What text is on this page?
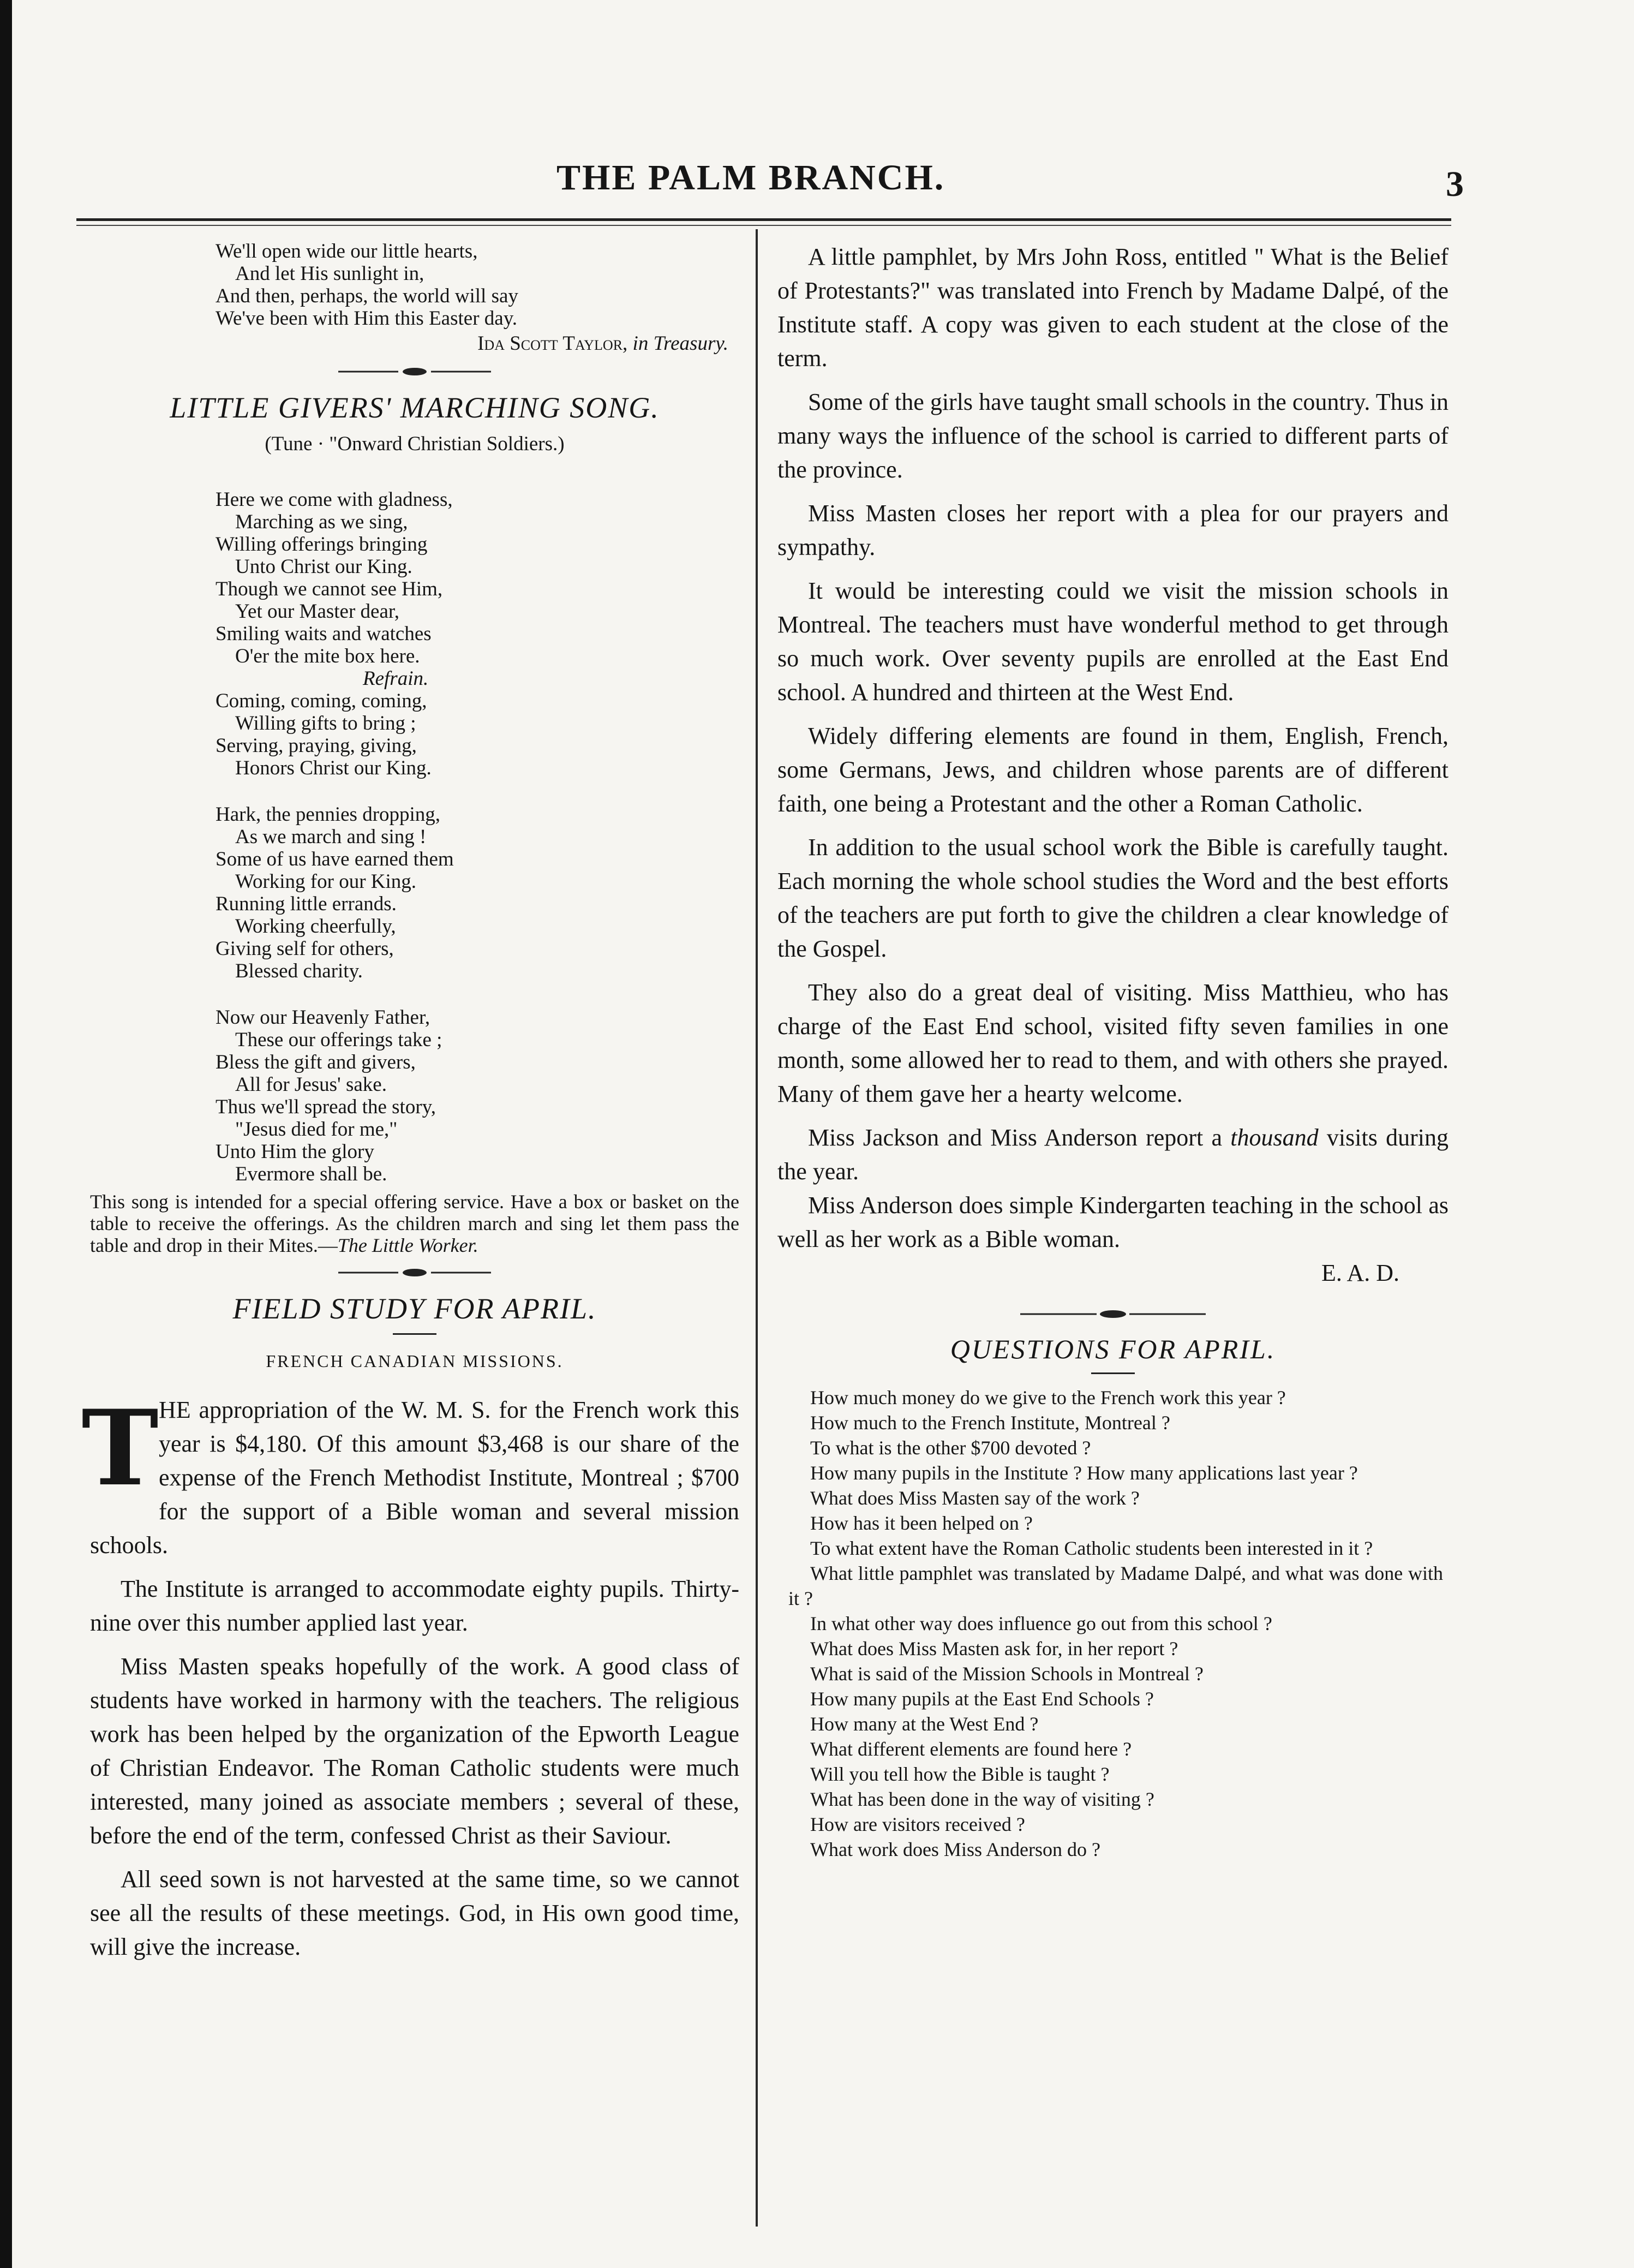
THE PALM BRANCH.	3
We'll open wide our little hearts,
And let His sunlight in,
And then, perhaps, the world will say
We've been with Him this Easter day.
Ida Scott Taylor, in Treasury.
LITTLE GIVERS' MARCHING SONG.
(Tune · "Onward Christian Soldiers.)
Here we come with gladness,
Marching as we sing,
Willing offerings bringing
Unto Christ our King.
Though we cannot see Him,
Yet our Master dear,
Smiling waits and watches
O'er the mite box here.
Refrain.
Coming, coming, coming,
Willing gifts to bring ;
Serving, praying, giving,
Honors Christ our King.
Hark, the pennies dropping,
As we march and sing !
Some of us have earned them
Working for our King.
Running little errands.
Working cheerfully,
Giving self for others,
Blessed charity.
Now our Heavenly Father,
These our offerings take ;
Bless the gift and givers,
All for Jesus' sake.
Thus we'll spread the story,
"Jesus died for me,"
Unto Him the glory
Evermore shall be.
This song is intended for a special offering service. Have a box or basket on the table to receive the offerings. As the children march and sing let them pass the table and drop in their Mites.—The Little Worker.
FIELD STUDY FOR APRIL.
FRENCH CANADIAN MISSIONS.

T HE appropriation of the W. M. S. for the French work this year is $4,180. Of this amount $3,468 is our share of the expense of the French Methodist Institute, Montreal ; $700 for the support of a Bible woman and several mission schools.

The Institute is arranged to accommodate eighty pupils. Thirty-nine over this number applied last year.

Miss Masten speaks hopefully of the work. A good class of students have worked in harmony with the teachers. The religious work has been helped by the organization of the Epworth League of Christian Endeavor. The Roman Catholic students were much interested, many joined as associate members ; several of these, before the end of the term, confessed Christ as their Saviour.

All seed sown is not harvested at the same time, so we cannot see all the results of these meetings. God, in His own good time, will give the increase.

A little pamphlet, by Mrs John Ross, entitled " What is the Belief of Protestants?" was translated into French by Madame Dalpé, of the Institute staff. A copy was given to each student at the close of the term.

Some of the girls have taught small schools in the country. Thus in many ways the influence of the school is carried to different parts of the province.

Miss Masten closes her report with a plea for our prayers and sympathy.

It would be interesting could we visit the mission schools in Montreal. The teachers must have wonderful method to get through so much work. Over seventy pupils are enrolled at the East End school. A hundred and thirteen at the West End.

Widely differing elements are found in them, English, French, some Germans, Jews, and children whose parents are of different faith, one being a Protestant and the other a Roman Catholic.

In addition to the usual school work the Bible is carefully taught. Each morning the whole school studies the Word and the best efforts of the teachers are put forth to give the children a clear knowledge of the Gospel.

They also do a great deal of visiting. Miss Matthieu, who has charge of the East End school, visited fifty seven families in one month, some allowed her to read to them, and with others she prayed. Many of them gave her a hearty welcome.

Miss Jackson and Miss Anderson report a thousand visits during the year.

Miss Anderson does simple Kindergarten teaching in the school as well as her work as a Bible woman.

E. A. D.
QUESTIONS FOR APRIL.

How much money do we give to the French work this year ?

How much to the French Institute, Montreal ?

To what is the other $700 devoted ?

How many pupils in the Institute ? How many applications last year ?

What does Miss Masten say of the work ?

How has it been helped on ?

To what extent have the Roman Catholic students been interested in it ?

What little pamphlet was translated by Madame Dalpé, and what was done with it ?

In what other way does influence go out from this school ?

What does Miss Masten ask for, in her report ?

What is said of the Mission Schools in Montreal ?

How many pupils at the East End Schools ?

How many at the West End ?

What different elements are found here ?

Will you tell how the Bible is taught ?

What has been done in the way of visiting ?

How are visitors received ?

What work does Miss Anderson do ?
